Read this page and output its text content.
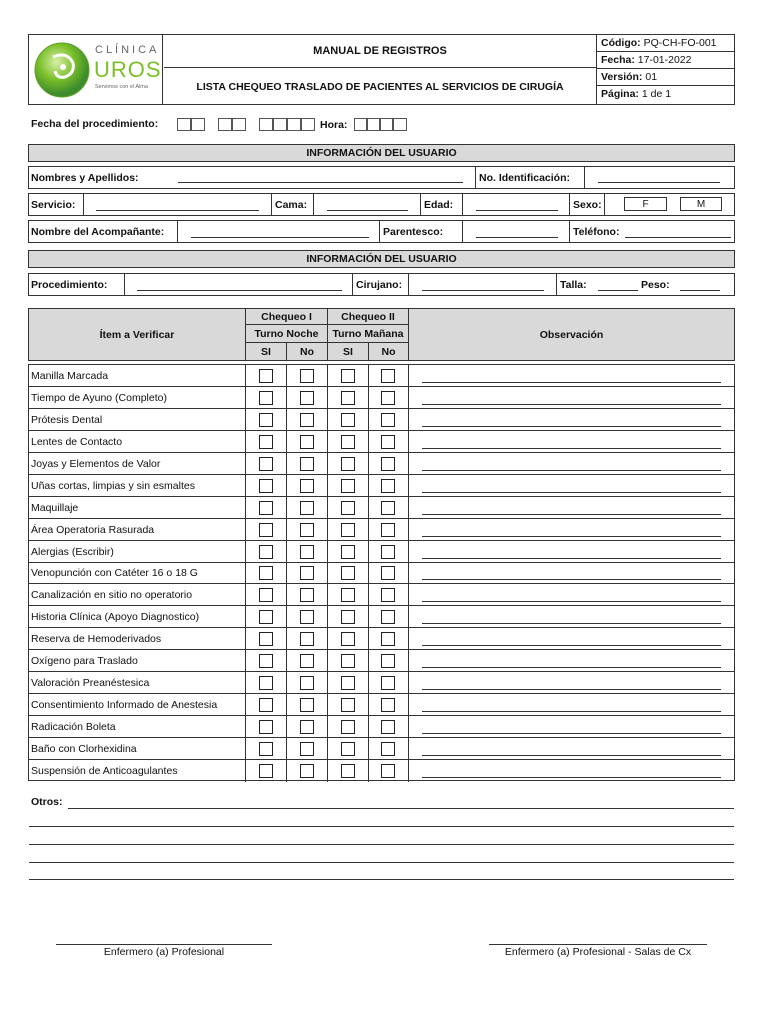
CLÍNICA
UROS
Servimos con el Alma
MANUAL DE REGISTROS
LISTA CHEQUEO TRASLADO DE PACIENTES AL SERVICIOS DE CIRUGÍA
Código: PQ-CH-FO-001
Fecha: 17-01-2022
Versión: 01
Página: 1 de 1
Fecha del procedimiento:	Hora:
INFORMACIÓN DEL USUARIO
Nombres y Apellidos:	No. Identificación:
Servicio:	Cama:	Edad:	Sexo:	F	M
Nombre del Acompañante:	Parentesco:	Teléfono:
INFORMACIÓN DEL USUARIO
Procedimiento:	Cirujano:	Talla:	Peso:
Ítem a Verificar
Chequeo I	Chequeo II
Turno Noche Turno Mañana
SI	No	SI	No
Observación
Manilla Marcada
Tiempo de Ayuno (Completo)
Prótesis Dental
Lentes de Contacto
Joyas y Elementos de Valor
Uñas cortas, limpias y sin esmaltes
Maquillaje
Área Operatoria Rasurada
Alergias (Escribir)
Venopunción con Catéter 16 o 18 G
Canalización en sitio no operatorio
Historia Clínica (Apoyo Diagnostico)
Reserva de Hemoderivados
Oxígeno para Traslado
Valoración Preanéstesica
Consentimiento Informado de Anestesia
Radicación Boleta
Baño con Clorhexidina
Suspensión de Anticoagulantes
Otros:
Enfermero (a) Profesional	Enfermero (a) Profesional - Salas de Cx
